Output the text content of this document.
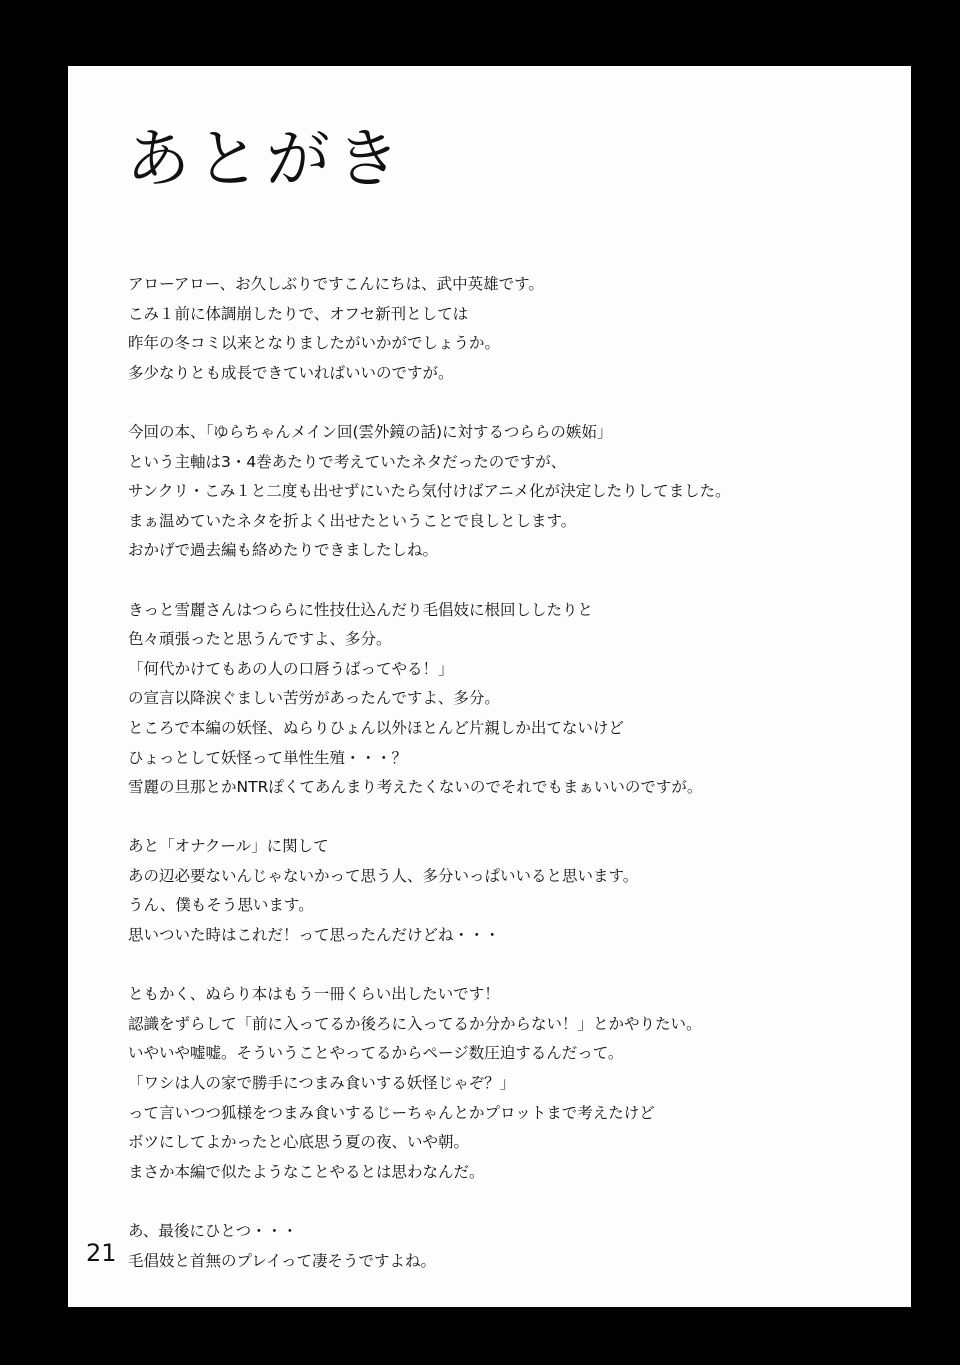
あとがき
アローアロー、お久しぶりですこんにちは、武中英雄です。
こみ１前に体調崩したりで、オフセ新刊としては
昨年の冬コミ以来となりましたがいかがでしょうか。
多少なりとも成長できていればいいのですが。
今回の本、「ゆらちゃんメイン回(雲外鏡の話)に対するつららの嫉妬」
という主軸は3・4巻あたりで考えていたネタだったのですが、
サンクリ・こみ１と二度も出せずにいたら気付けばアニメ化が決定したりしてました。
まぁ温めていたネタを折よく出せたということで良しとします。
おかげで過去編も絡めたりできましたしね。
きっと雪麗さんはつららに性技仕込んだり毛倡妓に根回ししたりと
色々頑張ったと思うんですよ、多分。
「何代かけてもあの人の口唇うばってやる！」
の宣言以降涙ぐましい苦労があったんですよ、多分。
ところで本編の妖怪、ぬらりひょん以外ほとんど片親しか出てないけど
ひょっとして妖怪って単性生殖・・・？
雪麗の旦那とかNTRぽくてあんまり考えたくないのでそれでもまぁいいのですが。
あと「オナクール」に関して
あの辺必要ないんじゃないかって思う人、多分いっぱいいると思います。
うん、僕もそう思います。
思いついた時はこれだ！って思ったんだけどね・・・
ともかく、ぬらり本はもう一冊くらい出したいです！
認識をずらして「前に入ってるか後ろに入ってるか分からない！」とかやりたい。
いやいや嘘嘘。そういうことやってるからページ数圧迫するんだって。
「ワシは人の家で勝手につまみ食いする妖怪じゃぞ？」
って言いつつ狐様をつまみ食いするじーちゃんとかプロットまで考えたけど
ボツにしてよかったと心底思う夏の夜、いや朝。
まさか本編で似たようなことやるとは思わなんだ。
あ、最後にひとつ・・・
毛倡妓と首無のプレイって凄そうですよね。
21
